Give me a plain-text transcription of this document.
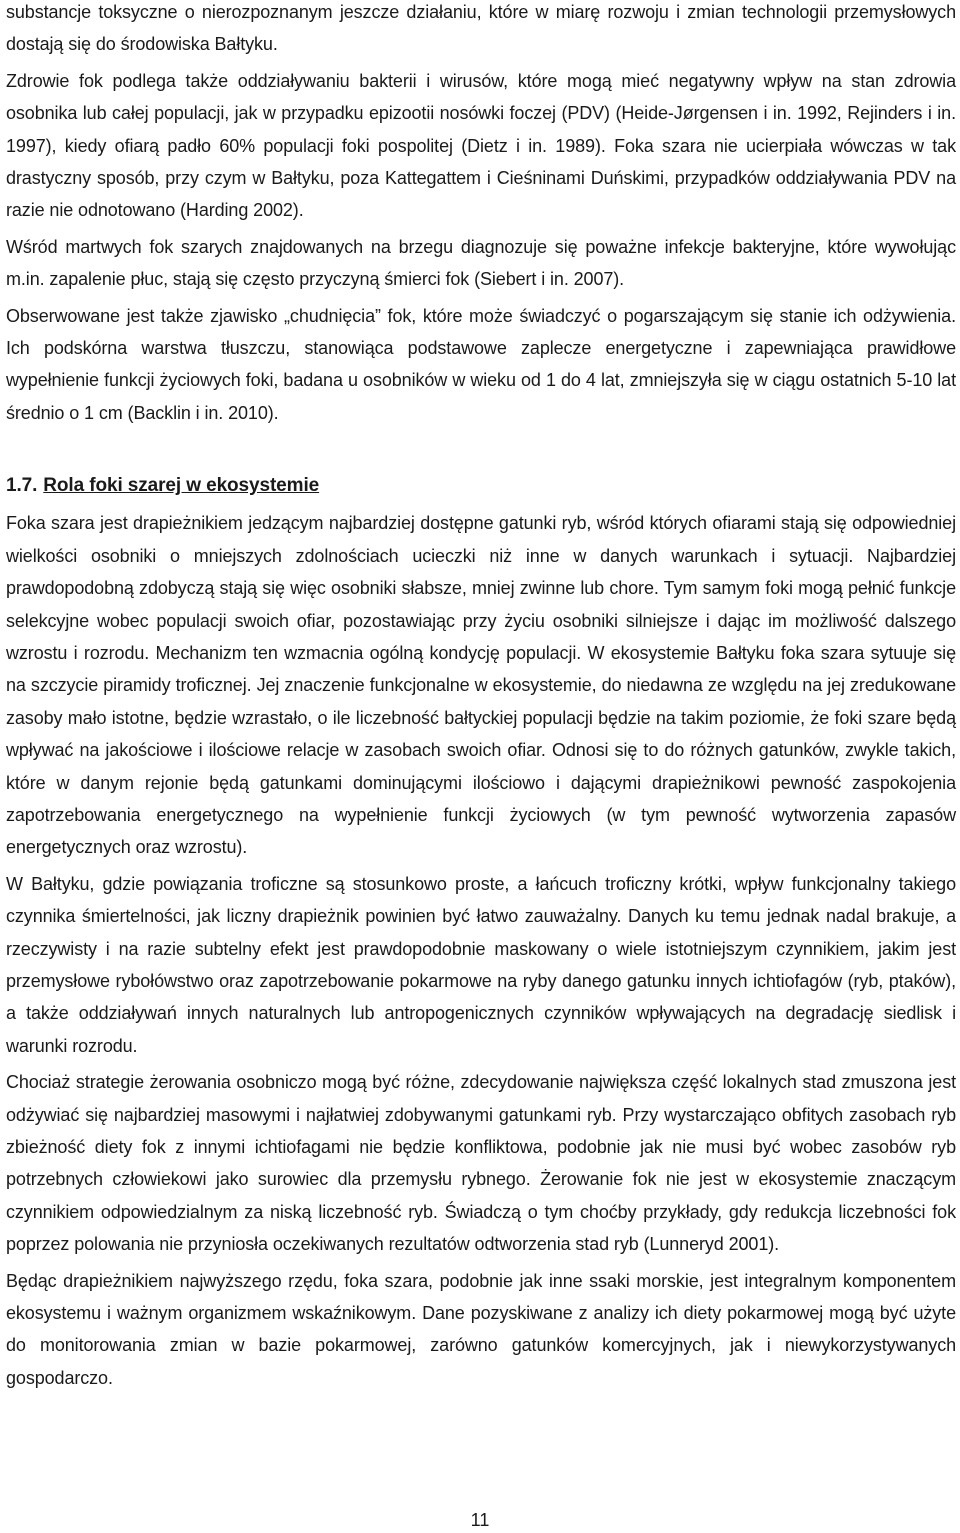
substancje toksyczne o nierozpoznanym jeszcze działaniu, które w miarę rozwoju i zmian technologii przemysłowych dostają się do środowiska Bałtyku.

Zdrowie fok podlega także oddziaływaniu bakterii i wirusów, które mogą mieć negatywny wpływ na stan zdrowia osobnika lub całej populacji, jak w przypadku epizootii nosówki foczej (PDV) (Heide-Jørgensen i in. 1992, Rejinders i in. 1997), kiedy ofiarą padło 60% populacji foki pospolitej (Dietz i in. 1989). Foka szara nie ucierpiała wówczas w tak drastyczny sposób, przy czym w Bałtyku, poza Kattegattem i Cieśninami Duńskimi, przypadków oddziaływania PDV na razie nie odnotowano (Harding 2002).

Wśród martwych fok szarych znajdowanych na brzegu diagnozuje się poważne infekcje bakteryjne, które wywołując m.in. zapalenie płuc, stają się często przyczyną śmierci fok (Siebert i in. 2007).

Obserwowane jest także zjawisko „chudnięcia” fok, które może świadczyć o pogarszającym się stanie ich odżywienia. Ich podskórna warstwa tłuszczu, stanowiąca podstawowe zaplecze energetyczne i zapewniająca prawidłowe wypełnienie funkcji życiowych foki, badana u osobników w wieku od 1 do 4 lat, zmniejszyła się w ciągu ostatnich 5-10 lat średnio o 1 cm (Backlin i in. 2010).

1.7. Rola foki szarej w ekosystemie

Foka szara jest drapieżnikiem jedzącym najbardziej dostępne gatunki ryb, wśród których ofiarami stają się odpowiedniej wielkości osobniki o mniejszych zdolnościach ucieczki niż inne w danych warunkach i sytuacji. Najbardziej prawdopodobną zdobyczą stają się więc osobniki słabsze, mniej zwinne lub chore. Tym samym foki mogą pełnić funkcje selekcyjne wobec populacji swoich ofiar, pozostawiając przy życiu osobniki silniejsze i dając im możliwość dalszego wzrostu i rozrodu. Mechanizm ten wzmacnia ogólną kondycję populacji. W ekosystemie Bałtyku foka szara sytuuje się na szczycie piramidy troficznej. Jej znaczenie funkcjonalne w ekosystemie, do niedawna ze względu na jej zredukowane zasoby mało istotne, będzie wzrastało, o ile liczebność bałtyckiej populacji będzie na takim poziomie, że foki szare będą wpływać na jakościowe i ilościowe relacje w zasobach swoich ofiar. Odnosi się to do różnych gatunków, zwykle takich, które w danym rejonie będą gatunkami dominującymi ilościowo i dającymi drapieżnikowi pewność zaspokojenia zapotrzebowania energetycznego na wypełnienie funkcji życiowych (w tym pewność wytworzenia zapasów energetycznych oraz wzrostu).

W Bałtyku, gdzie powiązania troficzne są stosunkowo proste, a łańcuch troficzny krótki, wpływ funkcjonalny takiego czynnika śmiertelności, jak liczny drapieżnik powinien być łatwo zauważalny. Danych ku temu jednak nadal brakuje, a rzeczywisty i na razie subtelny efekt jest prawdopodobnie maskowany o wiele istotniejszym czynnikiem, jakim jest przemysłowe rybołówstwo oraz zapotrzebowanie pokarmowe na ryby danego gatunku innych ichtiofagów (ryb, ptaków), a także oddziaływań innych naturalnych lub antropogenicznych czynników wpływających na degradację siedlisk i warunki rozrodu.

Chociaż strategie żerowania osobniczo mogą być różne, zdecydowanie największa część lokalnych stad zmuszona jest odżywiać się najbardziej masowymi i najłatwiej zdobywanymi gatunkami ryb. Przy wystarczająco obfitych zasobach ryb zbieżność diety fok z innymi ichtiofagami nie będzie konfliktowa, podobnie jak nie musi być wobec zasobów ryb potrzebnych człowiekowi jako surowiec dla przemysłu rybnego. Żerowanie fok nie jest w ekosystemie znaczącym czynnikiem odpowiedzialnym za niską liczebność ryb. Świadczą o tym choćby przykłady, gdy redukcja liczebności fok poprzez polowania nie przyniosła oczekiwanych rezultatów odtworzenia stad ryb (Lunneryd 2001).

Będąc drapieżnikiem najwyższego rzędu, foka szara, podobnie jak inne ssaki morskie, jest integralnym komponentem ekosystemu i ważnym organizmem wskaźnikowym. Dane pozyskiwane z analizy ich diety pokarmowej mogą być użyte do monitorowania zmian w bazie pokarmowej, zarówno gatunków komercyjnych, jak i niewykorzystywanych gospodarczo.

11
